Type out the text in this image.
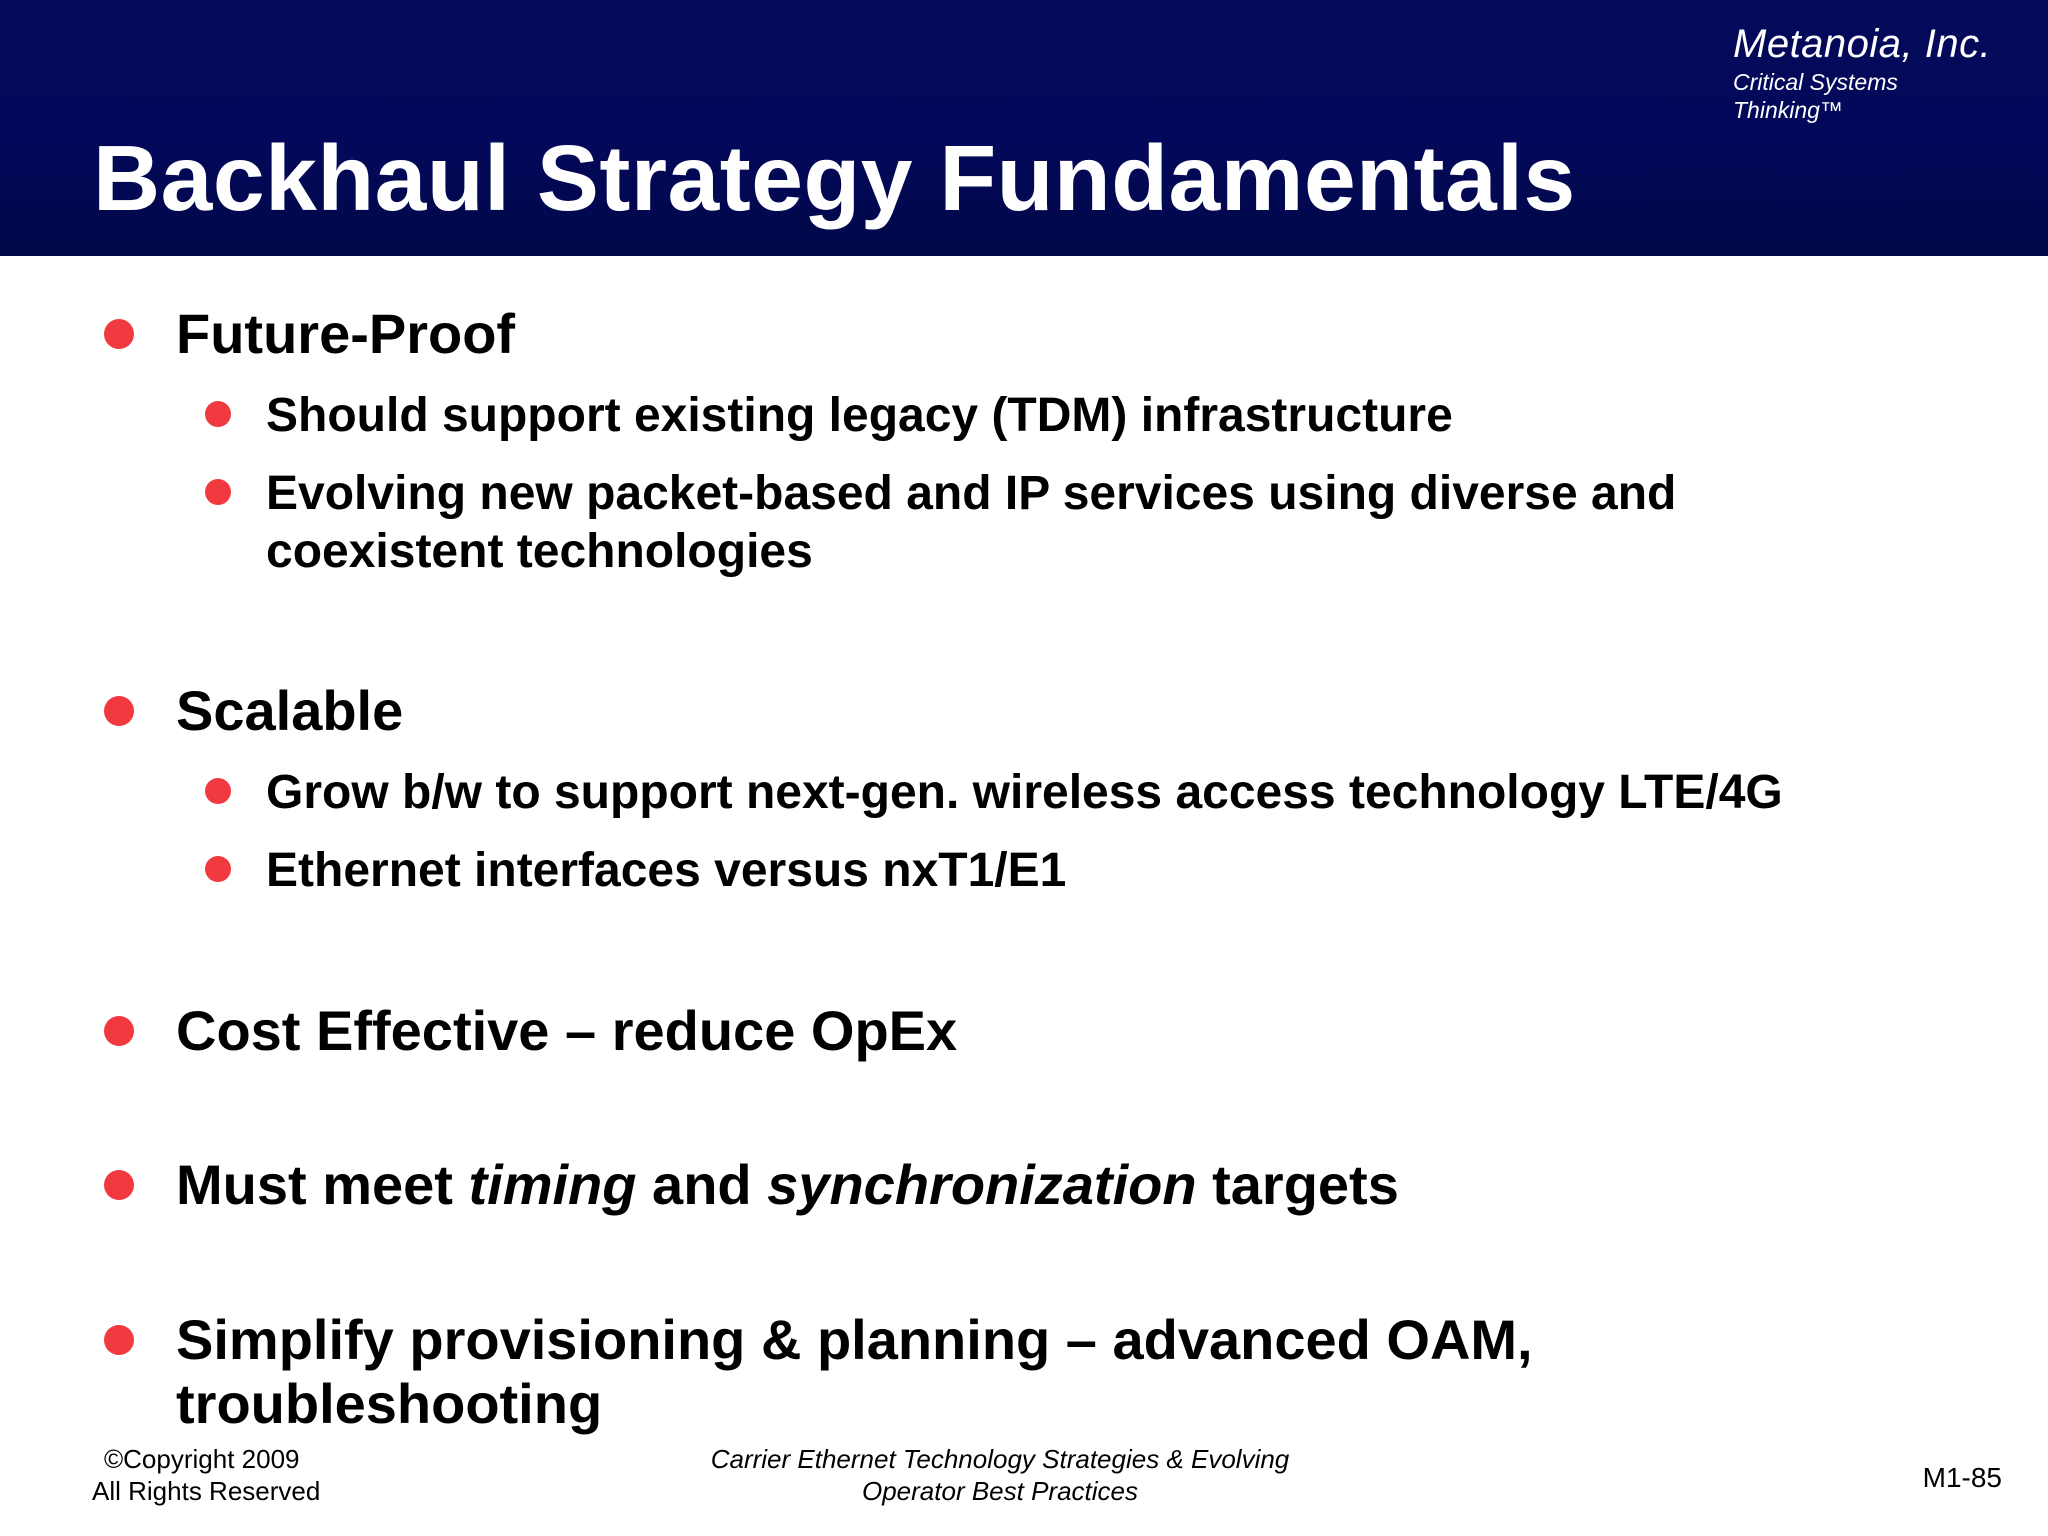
Metanoia, Inc.
Critical Systems Thinking™
Backhaul Strategy Fundamentals
Future-Proof
Should support existing legacy (TDM) infrastructure
Evolving new packet-based and IP services using diverse and
coexistent technologies
Scalable
Grow b/w to support next-gen. wireless access technology LTE/4G
Ethernet interfaces versus nxT1/E1
Cost Effective – reduce OpEx
Must meet timing and synchronization targets
Simplify provisioning & planning – advanced OAM,
troubleshooting
©Copyright 2009
All Rights Reserved
Carrier Ethernet Technology Strategies & Evolving
Operator Best Practices	M1-85
